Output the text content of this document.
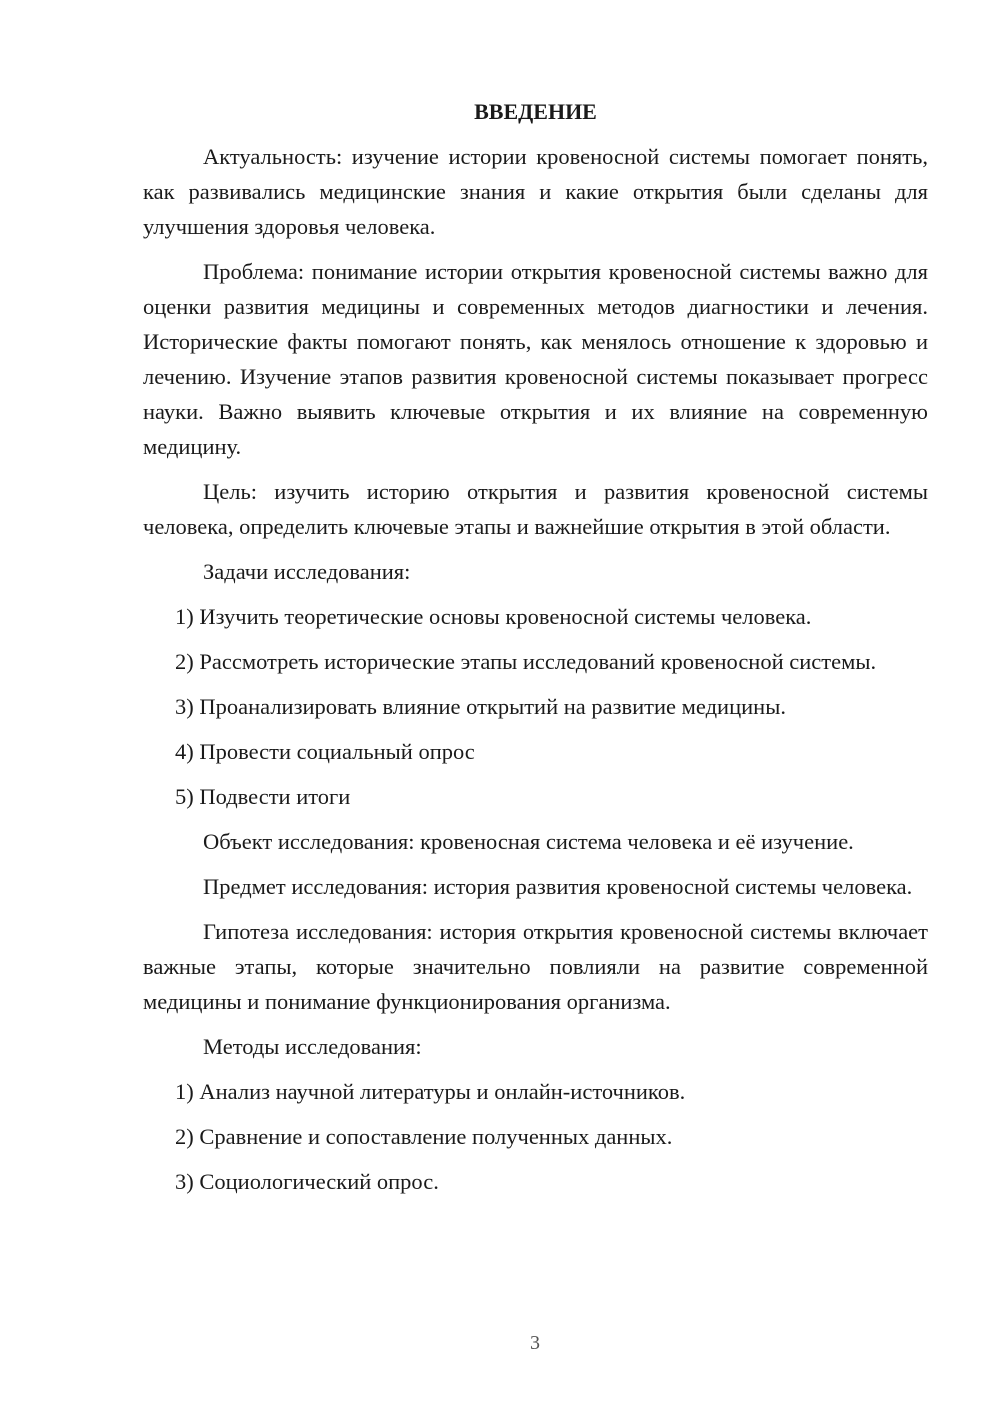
ВВЕДЕНИЕ

Актуальность: изучение истории кровеносной системы помогает понять, как развивались медицинские знания и какие открытия были сделаны для улучшения здоровья человека.

Проблема: понимание истории открытия кровеносной системы важно для оценки развития медицины и современных методов диагностики и лечения. Исторические факты помогают понять, как менялось отношение к здоровью и лечению. Изучение этапов развития кровеносной системы показывает прогресс науки. Важно выявить ключевые открытия и их влияние на современную медицину.

Цель: изучить историю открытия и развития кровеносной системы человека, определить ключевые этапы и важнейшие открытия в этой области.

Задачи исследования:

1) Изучить теоретические основы кровеносной системы человека.

2) Рассмотреть исторические этапы исследований кровеносной системы.

3) Проанализировать влияние открытий на развитие медицины.

4) Провести социальный опрос

5) Подвести итоги

Объект исследования: кровеносная система человека и её изучение.

Предмет исследования: история развития кровеносной системы человека.

Гипотеза исследования: история открытия кровеносной системы включает важные этапы, которые значительно повлияли на развитие современной медицины и понимание функционирования организма.

Методы исследования:

1) Анализ научной литературы и онлайн-источников.

2) Сравнение и сопоставление полученных данных.

3) Социологический опрос.

3
